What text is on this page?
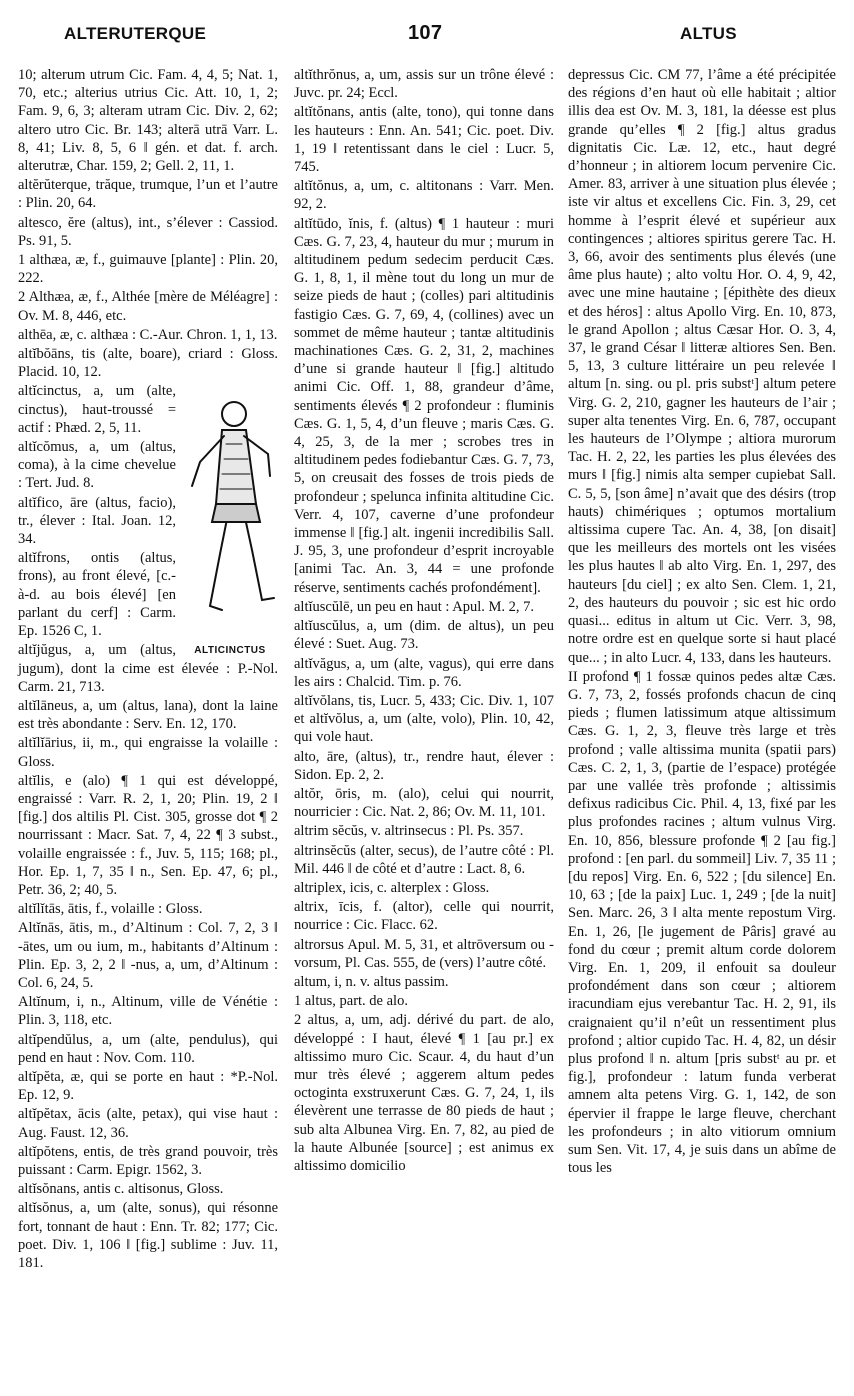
ALTERUTERQUE	107	ALTUS

10; alterum utrum Cic. Fam. 4, 4, 5; Nat. 1, 70, etc.; alterius utrius Cic. Att. 10, 1, 2; Fam. 9, 6, 3; alteram utram Cic. Div. 2, 62; altero utro Cic. Br. 143; alterā utrā Varr. L. 8, 41; Liv. 8, 5, 6 ‖ gén. et dat. f. arch. alterutræ, Char. 159, 2; Gell. 2, 11, 1.

altĕrŭterque, trăque, trumque, l’un et l’autre : Plin. 20, 64.

altesco, ĕre (altus), int., s’élever : Cassiod. Ps. 91, 5.

1 althæa, æ, f., guimauve [plante] : Plin. 20, 222.

2 Althæa, æ, f., Althée [mère de Méléagre] : Ov. M. 8, 446, etc.

althēa, æ, c. althæa : C.-Aur. Chron. 1, 1, 13.

altĭbŏāns, tis (alte, boare), criard : Gloss. Placid. 10, 12.

ALTICINCTUS

altĭcinctus, a, um (alte, cinctus), haut-troussé = actif : Phæd. 2, 5, 11.

altĭcŏmus, a, um (altus, coma), à la cime chevelue : Tert. Jud. 8.

altĭfico, āre (altus, facio), tr., élever : Ital. Joan. 12, 34.

altĭfrons, ontis (altus, frons), au front élevé, [c.-à-d. au bois élevé] [en parlant du cerf] : Carm. Ep. 1526 C, 1.

altĭjŭgus, a, um (altus, jugum), dont la cime est élevée : P.-Nol. Carm. 21, 713.

altĭlāneus, a, um (altus, lana), dont la laine est très abondante : Serv. En. 12, 170.

altĭlĭārius, ii, m., qui engraisse la volaille : Gloss.

altĭlis, e (alo) ¶ 1 qui est développé, engraissé : Varr. R. 2, 1, 20; Plin. 19, 2 ‖ [fig.] dos altilis Pl. Cist. 305, grosse dot ¶ 2 nourrissant : Macr. Sat. 7, 4, 22 ¶ 3 subst., volaille engraissée : f., Juv. 5, 115; 168; pl., Hor. Ep. 1, 7, 35 ‖ n., Sen. Ep. 47, 6; pl., Petr. 36, 2; 40, 5.

altĭlĭtās, ātis, f., volaille : Gloss.

Altĭnās, ātis, m., d’Altinum : Col. 7, 2, 3 ‖ -ātes, um ou ium, m., habitants d’Altinum : Plin. Ep. 3, 2, 2 ‖ -nus, a, um, d’Altinum : Col. 6, 24, 5.

Altĭnum, i, n., Altinum, ville de Vénétie : Plin. 3, 118, etc.

altĭpendŭlus, a, um (alte, pendulus), qui pend en haut : Nov. Com. 110.

altĭpĕta, æ, qui se porte en haut : *P.-Nol. Ep. 12, 9.

altĭpĕtax, ācis (alte, petax), qui vise haut : Aug. Faust. 12, 36.

altĭpŏtens, entis, de très grand pouvoir, très puissant : Carm. Epigr. 1562, 3.

altĭsŏnans, antis c. altisonus, Gloss.

altĭsŏnus, a, um (alte, sonus), qui résonne fort, tonnant de haut : Enn. Tr. 82; 177; Cic. poet. Div. 1, 106 ‖ [fig.] sublime : Juv. 11, 181.

altĭthrŏnus, a, um, assis sur un trône élevé : Juvc. pr. 24; Eccl.

altĭtŏnans, antis (alte, tono), qui tonne dans les hauteurs : Enn. An. 541; Cic. poet. Div. 1, 19 ‖ retentissant dans le ciel : Lucr. 5, 745.

altĭtŏnus, a, um, c. altitonans : Varr. Men. 92, 2.

altĭtūdo, ĭnis, f. (altus) ¶ 1 hauteur : muri Cæs. G. 7, 23, 4, hauteur du mur ; murum in altitudinem pedum sedecim perducit Cæs. G. 1, 8, 1, il mène tout du long un mur de seize pieds de haut ; (colles) pari altitudinis fastigio Cæs. G. 7, 69, 4, (collines) avec un sommet de même hauteur ; tantæ altitudinis machinationes Cæs. G. 2, 31, 2, machines d’une si grande hauteur ‖ [fig.] altitudo animi Cic. Off. 1, 88, grandeur d’âme, sentiments élevés ¶ 2 profondeur : fluminis Cæs. G. 1, 5, 4, d’un fleuve ; maris Cæs. G. 4, 25, 3, de la mer ; scrobes tres in altitudinem pedes fodiebantur Cæs. G. 7, 73, 5, on creusait des fosses de trois pieds de profondeur ; spelunca infinita altitudine Cic. Verr. 4, 107, caverne d’une profondeur immense ‖ [fig.] alt. ingenii incredibilis Sall. J. 95, 3, une profondeur d’esprit incroyable [animi Tac. An. 3, 44 = une profonde réserve, sentiments cachés profondément].

altĭuscŭlē, un peu en haut : Apul. M. 2, 7.

altĭuscŭlus, a, um (dim. de altus), un peu élevé : Suet. Aug. 73.

altĭvăgus, a, um (alte, vagus), qui erre dans les airs : Chalcid. Tim. p. 76.

altĭvŏlans, tis, Lucr. 5, 433; Cic. Div. 1, 107 et altĭvŏlus, a, um (alte, volo), Plin. 10, 42, qui vole haut.

alto, āre, (altus), tr., rendre haut, élever : Sidon. Ep. 2, 2.

altŏr, ōris, m. (alo), celui qui nourrit, nourricier : Cic. Nat. 2, 86; Ov. M. 11, 101.

altrim sĕcŭs, v. altrinsecus : Pl. Ps. 357.

altrinsĕcŭs (alter, secus), de l’autre côté : Pl. Mil. 446 ‖ de côté et d’autre : Lact. 8, 6.

altriplex, icis, c. alterplex : Gloss.

altrix, īcis, f. (altor), celle qui nourrit, nourrice : Cic. Flacc. 62.

altrorsus Apul. M. 5, 31, et altrōversum ou -vorsum, Pl. Cas. 555, de (vers) l’autre côté.

altum, i, n. v. altus passim.

1 altus, part. de alo.

2 altus, a, um, adj. dérivé du part. de alo, développé : I haut, élevé ¶ 1 [au pr.] ex altissimo muro Cic. Scaur. 4, du haut d’un mur très élevé ; aggerem altum pedes octoginta exstruxerunt Cæs. G. 7, 24, 1, ils élevèrent une terrasse de 80 pieds de haut ; sub alta Albunea Virg. En. 7, 82, au pied de la haute Albunée [source] ; est animus ex altissimo domicilio

depressus Cic. CM 77, l’âme a été précipitée des régions d’en haut où elle habitait ; altior illis dea est Ov. M. 3, 181, la déesse est plus grande qu’elles ¶ 2 [fig.] altus gradus dignitatis Cic. Læ. 12, etc., haut degré d’honneur ; in altiorem locum pervenire Cic. Amer. 83, arriver à une situation plus élevée ; iste vir altus et excellens Cic. Fin. 3, 29, cet homme à l’esprit élevé et supérieur aux contingences ; altiores spiritus gerere Tac. H. 3, 66, avoir des sentiments plus élevés (une âme plus haute) ; alto voltu Hor. O. 4, 9, 42, avec une mine hautaine ; [épithète des dieux et des héros] : altus Apollo Virg. En. 10, 873, le grand Apollon ; altus Cæsar Hor. O. 3, 4, 37, le grand César ‖ litteræ altiores Sen. Ben. 5, 13, 3 culture littéraire un peu relevée ‖ altum [n. sing. ou pl. pris substᵗ] altum petere Virg. G. 2, 210, gagner les hauteurs de l’air ; super alta tenentes Virg. En. 6, 787, occupant les hauteurs de l’Olympe ; altiora murorum Tac. H. 2, 22, les parties les plus élevées des murs ‖ [fig.] nimis alta semper cupiebat Sall. C. 5, 5, [son âme] n’avait que des désirs (trop hauts) chimériques ; optumos mortalium altissima cupere Tac. An. 4, 38, [on disait] que les meilleurs des mortels ont les visées les plus hautes ‖ ab alto Virg. En. 1, 297, des hauteurs [du ciel] ; ex alto Sen. Clem. 1, 21, 2, des hauteurs du pouvoir ; sic est hic ordo quasi... editus in altum ut Cic. Verr. 3, 98, notre ordre est en quelque sorte si haut placé que... ; in alto Lucr. 4, 133, dans les hauteurs.

II profond ¶ 1 fossæ quinos pedes altæ Cæs. G. 7, 73, 2, fossés profonds chacun de cinq pieds ; flumen latissimum atque altissimum Cæs. G. 1, 2, 3, fleuve très large et très profond ; valle altissima munita (spatii pars) Cæs. C. 2, 1, 3, (partie de l’espace) protégée par une vallée très profonde ; altissimis defixus radicibus Cic. Phil. 4, 13, fixé par les plus profondes racines ; altum vulnus Virg. En. 10, 856, blessure profonde ¶ 2 [au fig.] profond : [en parl. du sommeil] Liv. 7, 35 11 ; [du repos] Virg. En. 6, 522 ; [du silence] En. 10, 63 ; [de la paix] Luc. 1, 249 ; [de la nuit] Sen. Marc. 26, 3 ‖ alta mente repostum Virg. En. 1, 26, [le jugement de Pâris] gravé au fond du cœur ; premit altum corde dolorem Virg. En. 1, 209, il enfouit sa douleur profondément dans son cœur ; altiorem iracundiam ejus verebantur Tac. H. 2, 91, ils craignaient qu’il n’eût un ressentiment plus profond ; altior cupido Tac. H. 4, 82, un désir plus profond ‖ n. altum [pris substᵗ au pr. et fig.], profondeur : latum funda verberat amnem alta petens Virg. G. 1, 142, de son épervier il frappe le large fleuve, cherchant les profondeurs ; in alto vitiorum omnium sum Sen. Vit. 17, 4, je suis dans un abîme de tous les
